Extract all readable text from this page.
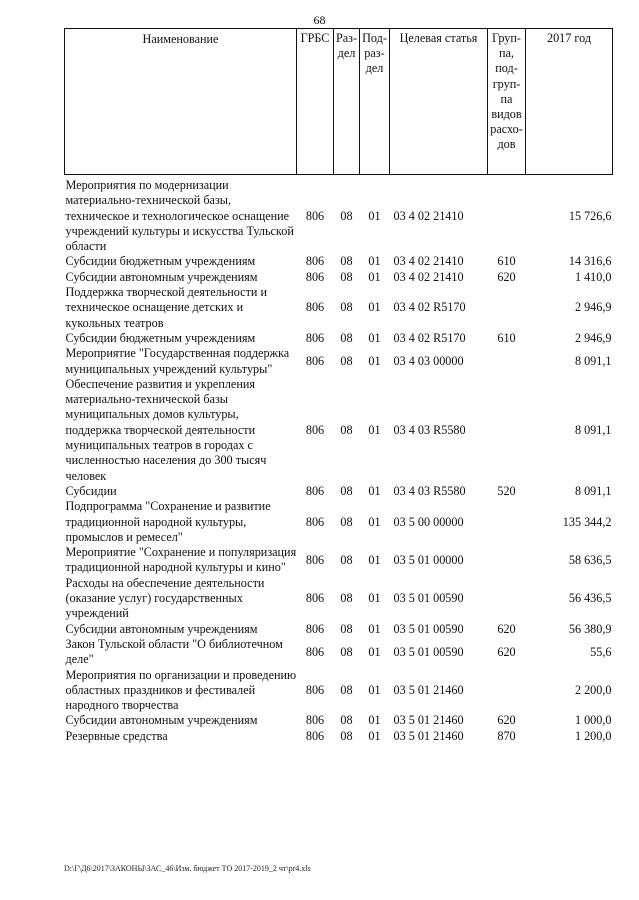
68
Наименование	ГРБС	Раз-дел	Под-раз-дел	Целевая статья	Груп-па, под-груп-па видов расхо-дов	2017 год
Мероприятия по модернизации материально-технической базы, техническое и технологическое оснащение учреждений культуры и искусства Тульской области	806	08	01	03 4 02 21410		15 726,6
Субсидии бюджетным учреждениям	806	08	01	03 4 02 21410	610	14 316,6
Субсидии автономным учреждениям	806	08	01	03 4 02 21410	620	1 410,0
Поддержка творческой деятельности и техническое оснащение детских и кукольных театров	806	08	01	03 4 02 R5170		2 946,9
Субсидии бюджетным учреждениям	806	08	01	03 4 02 R5170	610	2 946,9
Мероприятие "Государственная поддержка муниципальных учреждений культуры"	806	08	01	03 4 03 00000		8 091,1
Обеспечение развития и укрепления материально-технической базы муниципальных домов культуры, поддержка творческой деятельности муниципальных театров в городах с численностью населения до 300 тысяч человек	806	08	01	03 4 03 R5580		8 091,1
Субсидии	806	08	01	03 4 03 R5580	520	8 091,1
Подпрограмма "Сохранение и развитие традиционной народной культуры, промыслов и ремесел"	806	08	01	03 5 00 00000		135 344,2
Мероприятие "Сохранение и популяризация традиционной народной культуры и кино"	806	08	01	03 5 01 00000		58 636,5
Расходы на обеспечение деятельности (оказание услуг) государственных учреждений	806	08	01	03 5 01 00590		56 436,5
Субсидии автономным учреждениям	806	08	01	03 5 01 00590	620	56 380,9
Закон Тульской области "О библиотечном деле"	806	08	01	03 5 01 00590	620	55,6
Мероприятия по организации и проведению областных праздников и фестивалей народного творчества	806	08	01	03 5 01 21460		2 200,0
Субсидии автономным учреждениям	806	08	01	03 5 01 21460	620	1 000,0
Резервные средства	806	08	01	03 5 01 21460	870	1 200,0
D:\Г\Д6\2017\ЗАКОНЫ\ЗАС_46\Изм. бюджет ТО 2017-2019_2 чт\pr4.xls
